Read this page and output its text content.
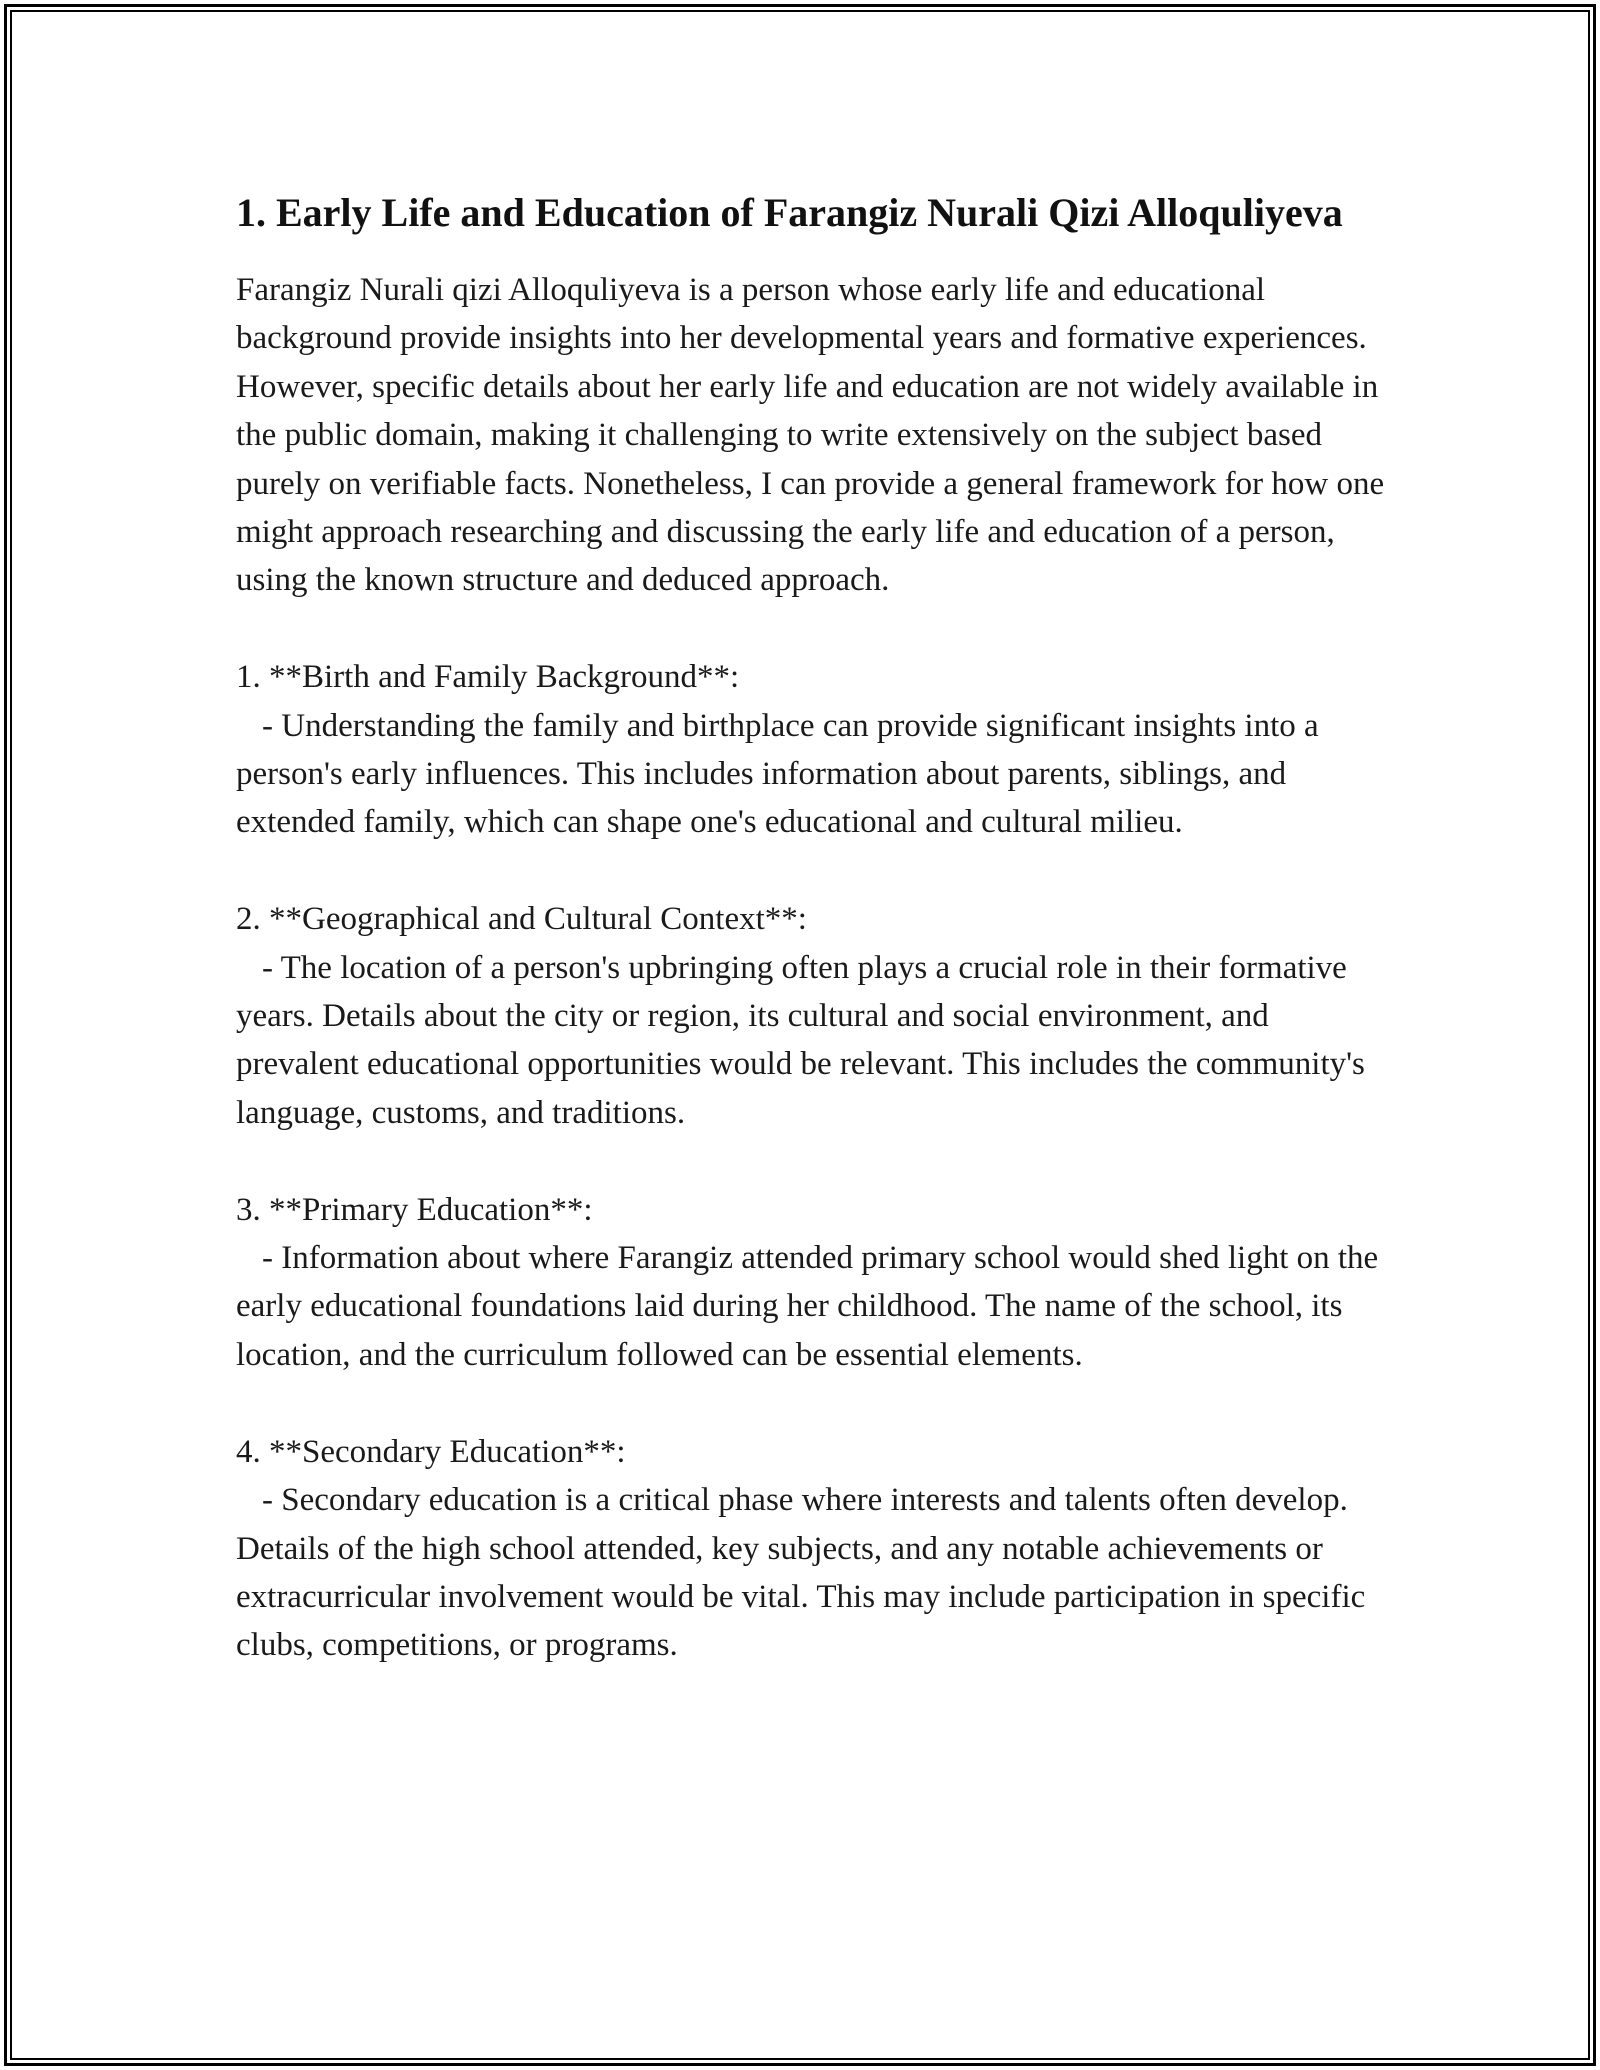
1. Early Life and Education of Farangiz Nurali Qizi Alloquliyeva

Farangiz Nurali qizi Alloquliyeva is a person whose early life and educational background provide insights into her developmental years and formative experiences. However, specific details about her early life and education are not widely available in the public domain, making it challenging to write extensively on the subject based purely on verifiable facts. Nonetheless, I can provide a general framework for how one might approach researching and discussing the early life and education of a person, using the known structure and deduced approach.

1. **Birth and Family Background**:

- Understanding the family and birthplace can provide significant insights into a person's early influences. This includes information about parents, siblings, and extended family, which can shape one's educational and cultural milieu.

2. **Geographical and Cultural Context**:

- The location of a person's upbringing often plays a crucial role in their formative years. Details about the city or region, its cultural and social environment, and prevalent educational opportunities would be relevant. This includes the community's language, customs, and traditions.

3. **Primary Education**:

- Information about where Farangiz attended primary school would shed light on the early educational foundations laid during her childhood. The name of the school, its location, and the curriculum followed can be essential elements.

4. **Secondary Education**:

- Secondary education is a critical phase where interests and talents often develop. Details of the high school attended, key subjects, and any notable achievements or extracurricular involvement would be vital. This may include participation in specific clubs, competitions, or programs.
